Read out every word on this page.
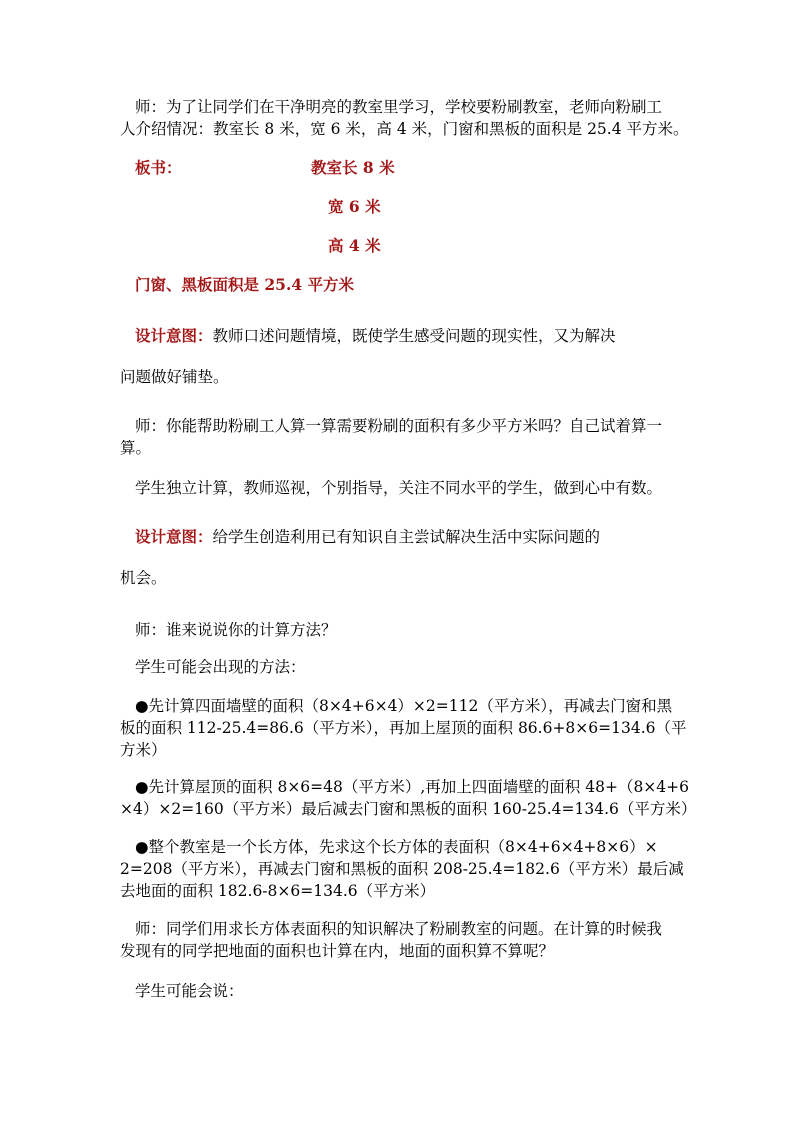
师：为了让同学们在干净明亮的教室里学习，学校要粉刷教室，老师向粉刷工
人介绍情况：教室长 8 米，宽 6 米，高 4 米，门窗和黑板的面积是 25.4 平方米。
板书：	教室长 8 米
宽 6 米
高 4 米
门窗、黑板面积是 25.4 平方米
设计意图：教师口述问题情境，既使学生感受问题的现实性，又为解决
问题做好铺垫。
师：你能帮助粉刷工人算一算需要粉刷的面积有多少平方米吗？自己试着算一
算。
学生独立计算，教师巡视，个别指导，关注不同水平的学生，做到心中有数。
设计意图：给学生创造利用已有知识自主尝试解决生活中实际问题的
机会。
师：谁来说说你的计算方法？
学生可能会出现的方法：
●先计算四面墙壁的面积（8×4+6×4）×2=112（平方米），再减去门窗和黑
板的面积 112-25.4=86.6（平方米），再加上屋顶的面积 86.6+8×6=134.6（平
方米）
●先计算屋顶的面积 8×6=48（平方米）,再加上四面墙壁的面积 48+（8×4+6
×4）×2=160（平方米）最后减去门窗和黑板的面积 160-25.4=134.6（平方米）
●整个教室是一个长方体，先求这个长方体的表面积（8×4+6×4+8×6）×
2=208（平方米），再减去门窗和黑板的面积 208-25.4=182.6（平方米）最后减
去地面的面积 182.6-8×6=134.6（平方米）
师：同学们用求长方体表面积的知识解决了粉刷教室的问题。在计算的时候我
发现有的同学把地面的面积也计算在内，地面的面积算不算呢？
学生可能会说：
